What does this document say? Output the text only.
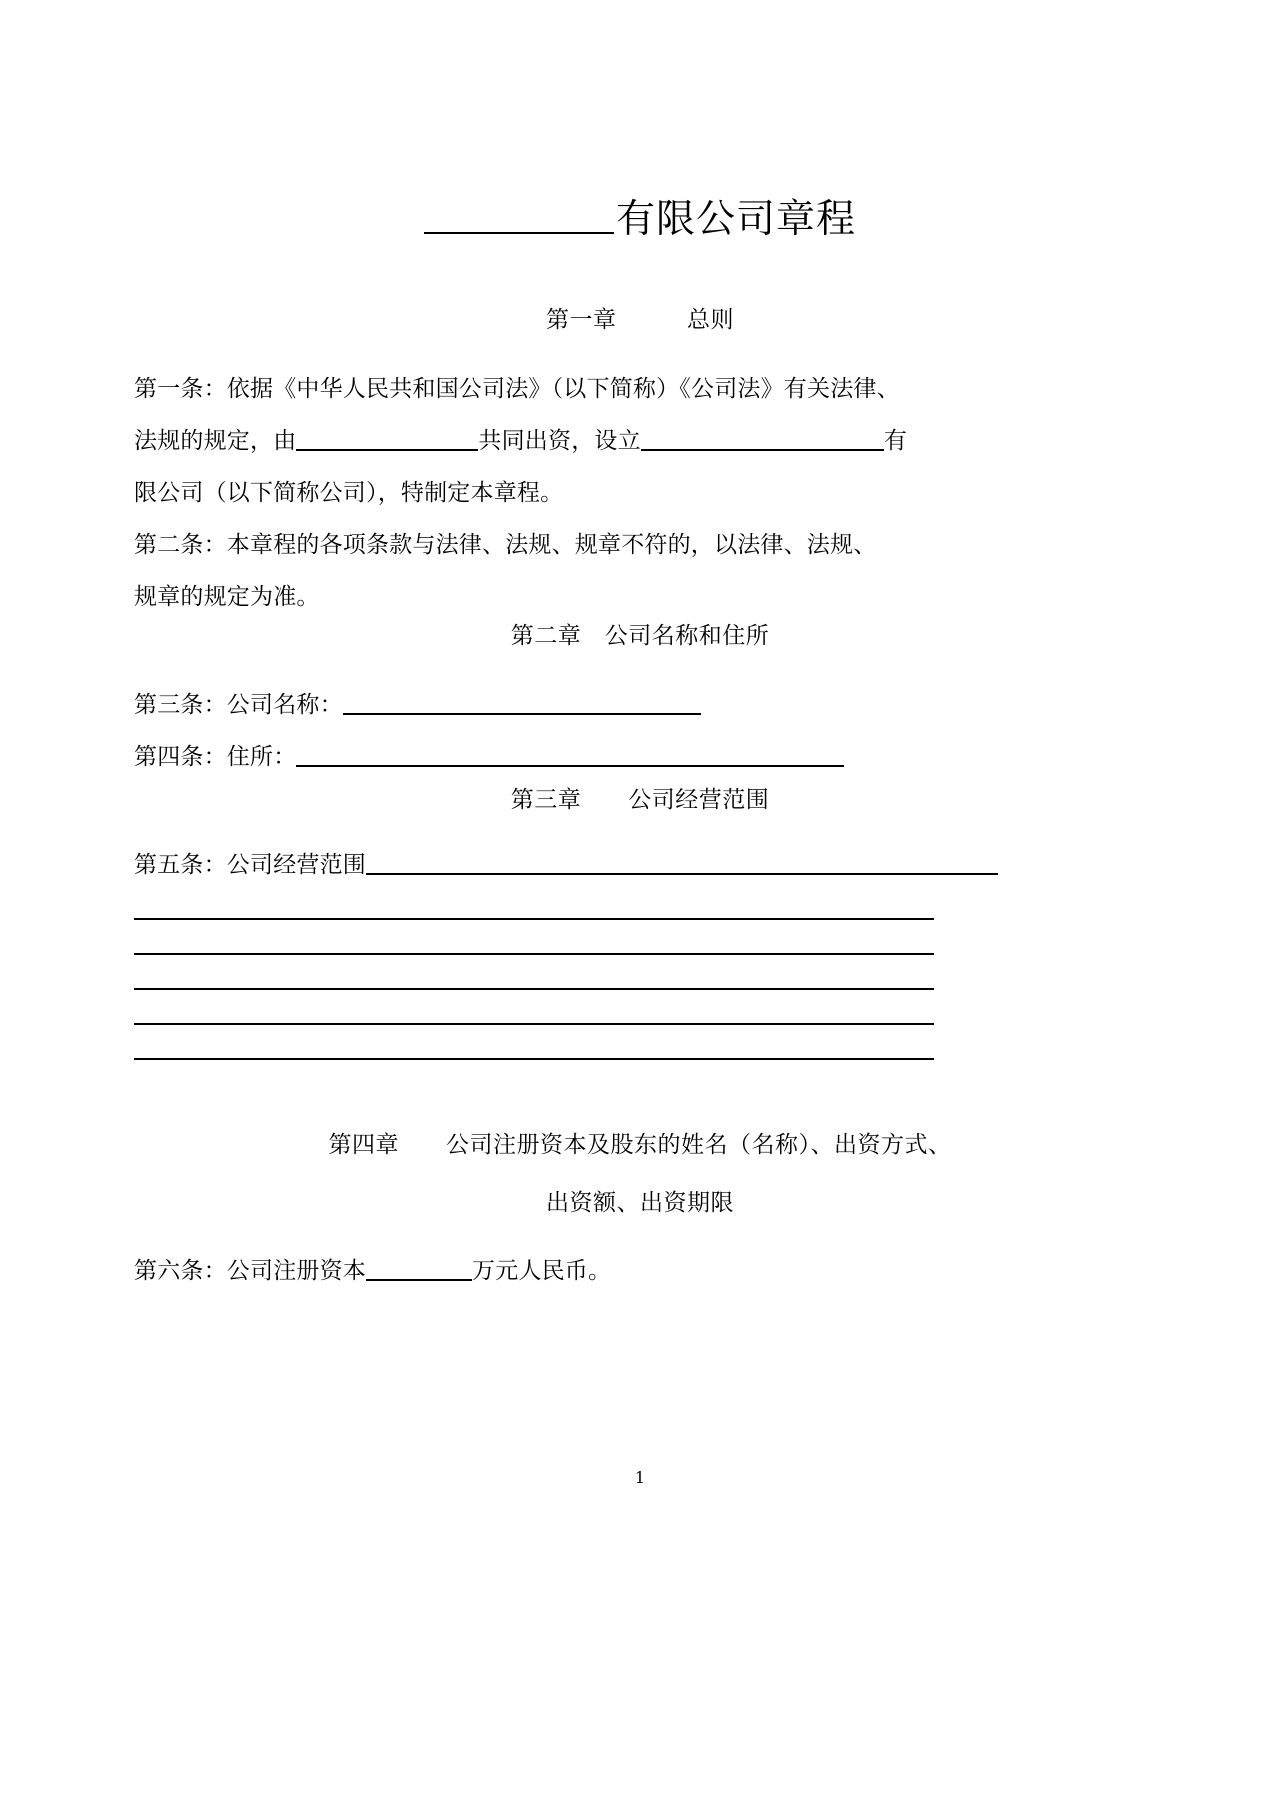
有限公司章程
第一章　　　总则
第一条：依据《中华人民共和国公司法》（以下简称）《公司法》有关法律、
法规的规定，由	共同出资，设立	有
限公司（以下简称公司），特制定本章程。
第二条：本章程的各项条款与法律、法规、规章不符的，以法律、法规、
规章的规定为准。
第二章　公司名称和住所
第三条：公司名称：
第四条：住所：
第三章　　公司经营范围
第五条：公司经营范围
第四章　　公司注册资本及股东的姓名（名称）、出资方式、
出资额、出资期限
第六条：公司注册资本	万元人民币。
1
